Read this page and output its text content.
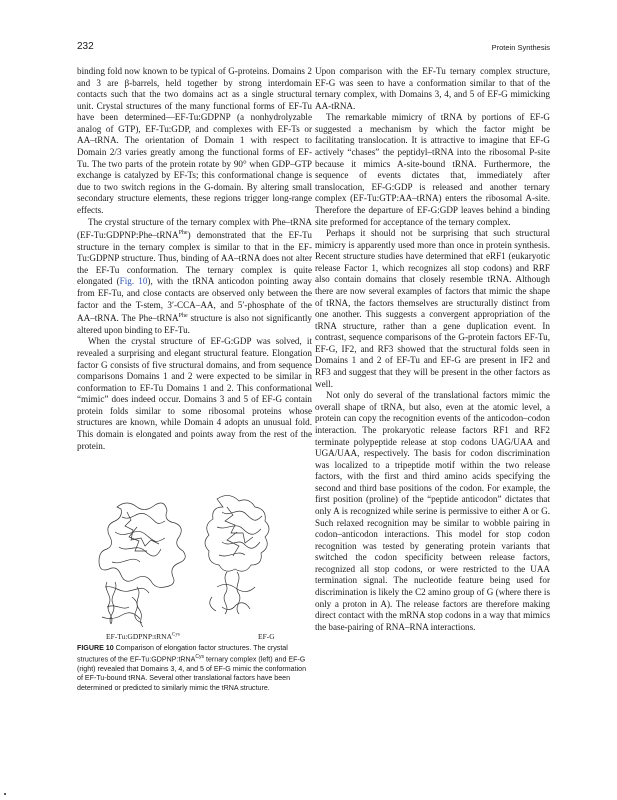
232	Protein Synthesis

binding fold now known to be typical of G-proteins. Domains 2 and 3 are β-barrels, held together by strong interdomain contacts such that the two domains act as a single structural unit. Crystal structures of the many functional forms of EF-Tu have been determined—EF-Tu:GDPNP (a nonhydrolyzable analog of GTP), EF-Tu:GDP, and complexes with EF-Ts or AA–tRNA. The orientation of Domain 1 with respect to Domain 2/3 varies greatly among the functional forms of EF-Tu. The two parts of the protein rotate by 90° when GDP–GTP exchange is catalyzed by EF-Ts; this conformational change is due to two switch regions in the G-domain. By altering small secondary structure elements, these regions trigger long-range effects.

The crystal structure of the ternary complex with Phe–tRNA (EF-Tu:GDPNP:Phe–tRNA$^{Phe}$) demonstrated that the EF-Tu structure in the ternary complex is similar to that in the EF-Tu:GDPNP structure. Thus, binding of AA–tRNA does not alter the EF-Tu conformation. The ternary complex is quite elongated (Fig. 10), with the tRNA anticodon pointing away from EF-Tu, and close contacts are observed only between the factor and the T-stem, 3′-CCA–AA, and 5′-phosphate of the AA–tRNA. The Phe–tRNA$^{Phe}$ structure is also not significantly altered upon binding to EF-Tu.

When the crystal structure of EF-G:GDP was solved, it revealed a surprising and elegant structural feature. Elongation factor G consists of five structural domains, and from sequence comparisons Domains 1 and 2 were expected to be similar in conformation to EF-Tu Domains 1 and 2. This conformational “mimic” does indeed occur. Domains 3 and 5 of EF-G contain protein folds similar to some ribosomal proteins whose structures are known, while Domain 4 adopts an unusual fold. This domain is elongated and points away from the rest of the protein.

EF-Tu:GDPNP:tRNA$^{Cys}$	EF-G
FIGURE 10 Comparison of elongation factor structures. The crystal structures of the EF-Tu:GDPNP:tRNA$^{Cys}$ ternary complex (left) and EF-G (right) revealed that Domains 3, 4, and 5 of EF-G mimic the conformation of EF-Tu-bound tRNA. Several other translational factors have been determined or predicted to similarly mimic the tRNA structure.

Upon comparison with the EF-Tu ternary complex structure, EF-G was seen to have a conformation similar to that of the ternary complex, with Domains 3, 4, and 5 of EF-G mimicking AA-tRNA.

The remarkable mimicry of tRNA by portions of EF-G suggested a mechanism by which the factor might be facilitating translocation. It is attractive to imagine that EF-G actively “chases” the peptidyl–tRNA into the ribosomal P-site because it mimics A-site-bound tRNA. Furthermore, the sequence of events dictates that, immediately after translocation, EF-G:GDP is released and another ternary complex (EF-Tu:GTP:AA–tRNA) enters the ribosomal A-site. Therefore the departure of EF-G:GDP leaves behind a binding site preformed for acceptance of the ternary complex.

Perhaps it should not be surprising that such structural mimicry is apparently used more than once in protein synthesis. Recent structure studies have determined that eRF1 (eukaryotic release Factor 1, which recognizes all stop codons) and RRF also contain domains that closely resemble tRNA. Although there are now several examples of factors that mimic the shape of tRNA, the factors themselves are structurally distinct from one another. This suggests a convergent appropriation of the tRNA structure, rather than a gene duplication event. In contrast, sequence comparisons of the G-protein factors EF-Tu, EF-G, IF2, and RF3 showed that the structural folds seen in Domains 1 and 2 of EF-Tu and EF-G are present in IF2 and RF3 and suggest that they will be present in the other factors as well.

Not only do several of the translational factors mimic the overall shape of tRNA, but also, even at the atomic level, a protein can copy the recognition events of the anticodon–codon interaction. The prokaryotic release factors RF1 and RF2 terminate polypeptide release at stop codons UAG/UAA and UGA/UAA, respectively. The basis for codon discrimination was localized to a tripeptide motif within the two release factors, with the first and third amino acids specifying the second and third base positions of the codon. For example, the first position (proline) of the “peptide anticodon” dictates that only A is recognized while serine is permissive to either A or G. Such relaxed recognition may be similar to wobble pairing in codon–anticodon interactions. This model for stop codon recognition was tested by generating protein variants that switched the codon specificity between release factors, recognized all stop codons, or were restricted to the UAA termination signal. The nucleotide feature being used for discrimination is likely the C2 amino group of G (where there is only a proton in A). The release factors are therefore making direct contact with the mRNA stop codons in a way that mimics the base-pairing of RNA–RNA interactions.
